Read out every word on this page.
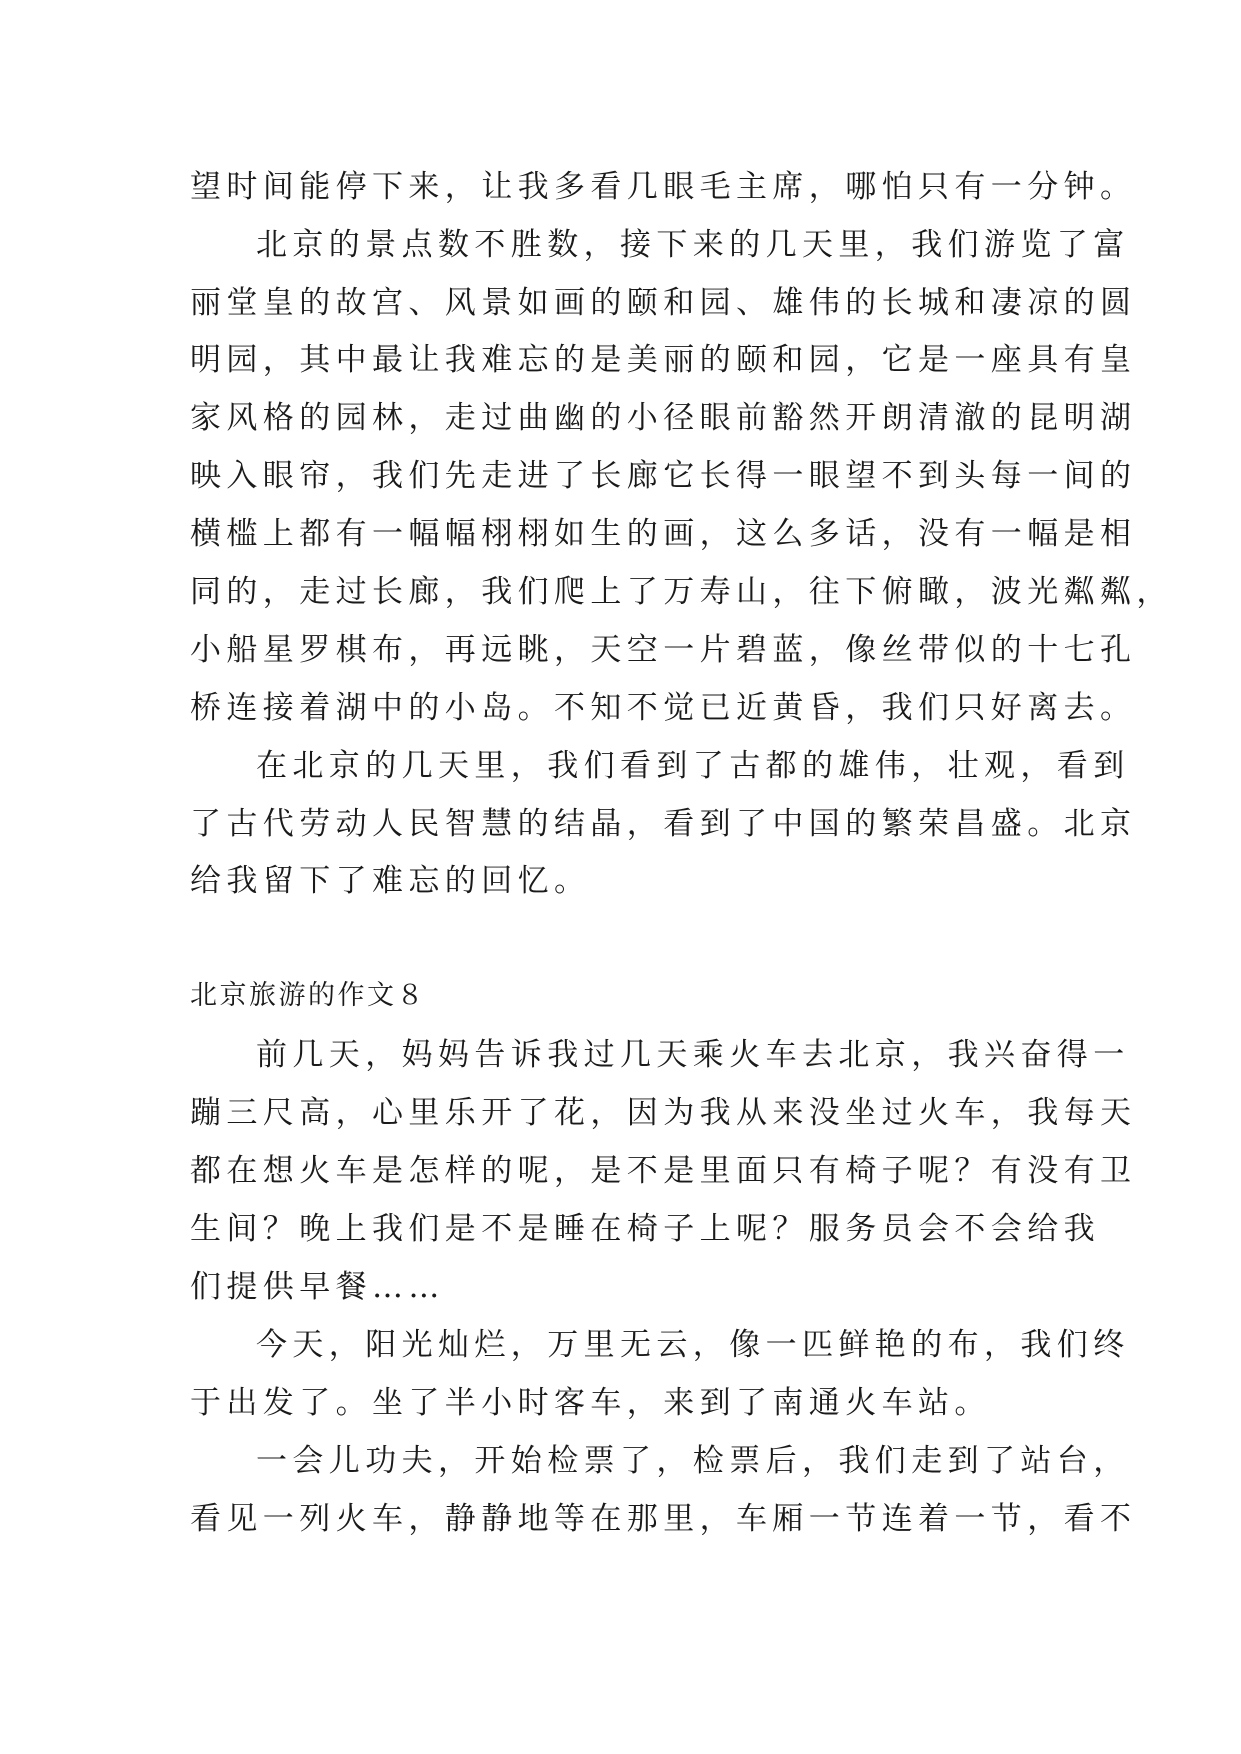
望时间能停下来，让我多看几眼毛主席，哪怕只有一分钟。
北京的景点数不胜数，接下来的几天里，我们游览了富
丽堂皇的故宫、风景如画的颐和园、雄伟的长城和凄凉的圆
明园，其中最让我难忘的是美丽的颐和园，它是一座具有皇
家风格的园林，走过曲幽的小径眼前豁然开朗清澈的昆明湖
映入眼帘，我们先走进了长廊它长得一眼望不到头每一间的
横槛上都有一幅幅栩栩如生的画，这么多话，没有一幅是相
同的，走过长廊，我们爬上了万寿山，往下俯瞰，波光粼粼，
小船星罗棋布，再远眺，天空一片碧蓝，像丝带似的十七孔
桥连接着湖中的小岛。不知不觉已近黄昏，我们只好离去。
在北京的几天里，我们看到了古都的雄伟，壮观，看到
了古代劳动人民智慧的结晶，看到了中国的繁荣昌盛。北京
给我留下了难忘的回忆。
北京旅游的作文８
前几天，妈妈告诉我过几天乘火车去北京，我兴奋得一
蹦三尺高，心里乐开了花，因为我从来没坐过火车，我每天
都在想火车是怎样的呢，是不是里面只有椅子呢？有没有卫
生间？晚上我们是不是睡在椅子上呢？服务员会不会给我
们提供早餐……
今天，阳光灿烂，万里无云，像一匹鲜艳的布，我们终
于出发了。坐了半小时客车，来到了南通火车站。
一会儿功夫，开始检票了，检票后，我们走到了站台，
看见一列火车，静静地等在那里，车厢一节连着一节，看不
